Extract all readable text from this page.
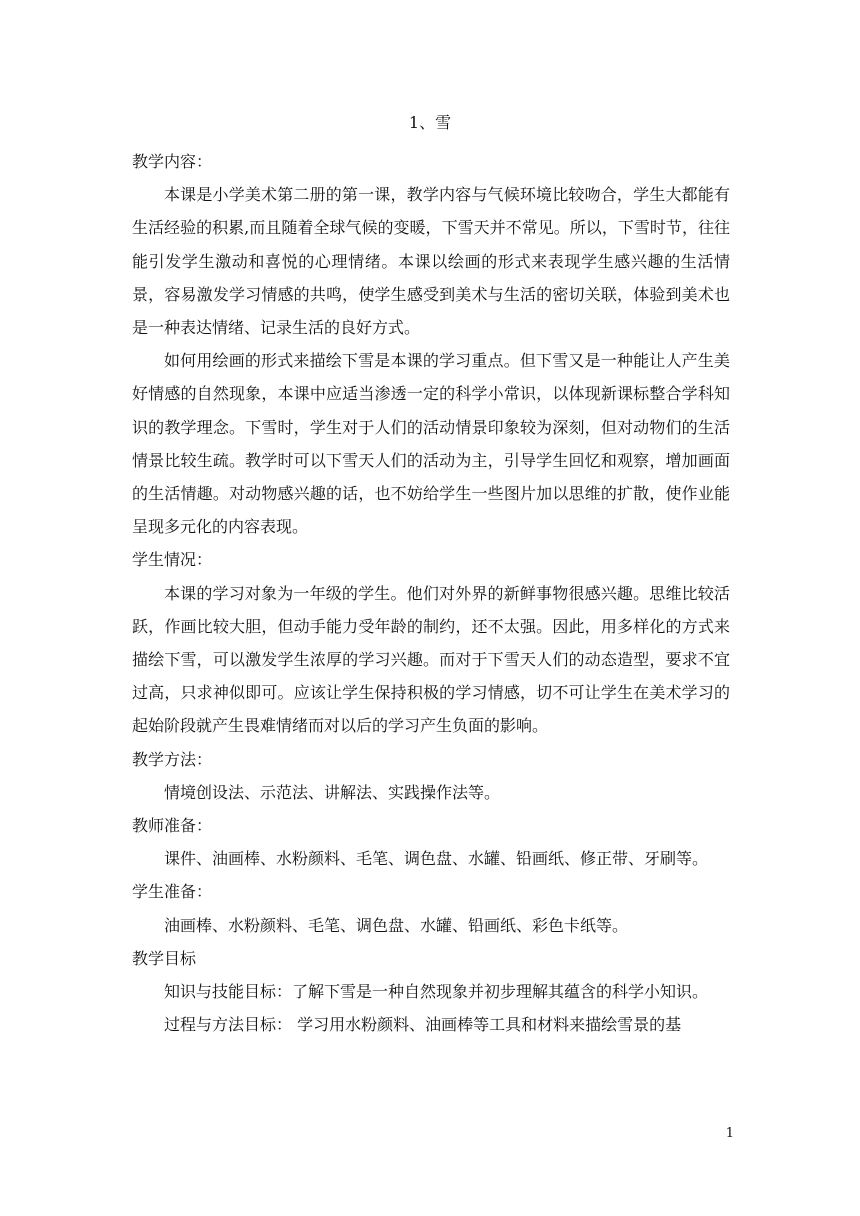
1、雪

教学内容：

本课是小学美术第二册的第一课，教学内容与气候环境比较吻合，学生大都能有生活经验的积累,而且随着全球气候的变暖，下雪天并不常见。所以，下雪时节，往往能引发学生激动和喜悦的心理情绪。本课以绘画的形式来表现学生感兴趣的生活情景，容易激发学习情感的共鸣，使学生感受到美术与生活的密切关联，体验到美术也是一种表达情绪、记录生活的良好方式。

如何用绘画的形式来描绘下雪是本课的学习重点。但下雪又是一种能让人产生美好情感的自然现象，本课中应适当渗透一定的科学小常识，以体现新课标整合学科知识的教学理念。下雪时，学生对于人们的活动情景印象较为深刻，但对动物们的生活情景比较生疏。教学时可以下雪天人们的活动为主，引导学生回忆和观察，增加画面的生活情趣。对动物感兴趣的话，也不妨给学生一些图片加以思维的扩散，使作业能呈现多元化的内容表现。

学生情况：

本课的学习对象为一年级的学生。他们对外界的新鲜事物很感兴趣。思维比较活跃，作画比较大胆，但动手能力受年龄的制约，还不太强。因此，用多样化的方式来描绘下雪，可以激发学生浓厚的学习兴趣。而对于下雪天人们的动态造型，要求不宜过高，只求神似即可。应该让学生保持积极的学习情感，切不可让学生在美术学习的起始阶段就产生畏难情绪而对以后的学习产生负面的影响。

教学方法：

情境创设法、示范法、讲解法、实践操作法等。

教师准备：

课件、油画棒、水粉颜料、毛笔、调色盘、水罐、铅画纸、修正带、牙刷等。

学生准备：

油画棒、水粉颜料、毛笔、调色盘、水罐、铅画纸、彩色卡纸等。

教学目标

知识与技能目标：了解下雪是一种自然现象并初步理解其蕴含的科学小知识。

过程与方法目标： 学习用水粉颜料、油画棒等工具和材料来描绘雪景的基

1
